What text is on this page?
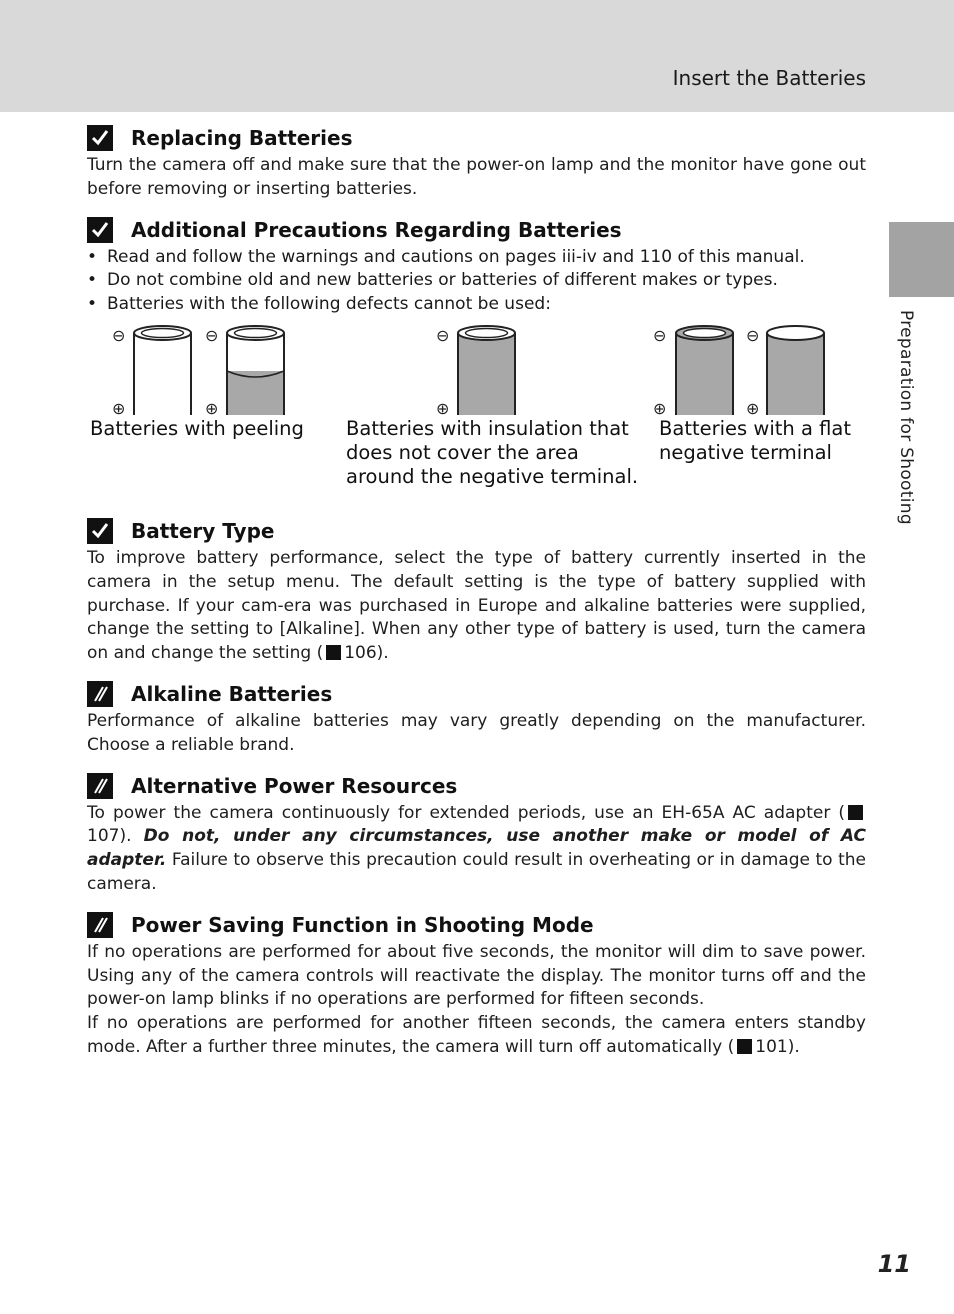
Insert the Batteries
Preparation for Shooting
Replacing Batteries

Turn the camera off and make sure that the power-on lamp and the monitor have gone out before removing or inserting batteries.

Additional Precautions Regarding Batteries
• Read and follow the warnings and cautions on pages iii-iv and 110 of this manual.
• Do not combine old and new batteries or batteries of different makes or types.
• Batteries with the following defects cannot be used:
⊖	⊖	⊖	⊖	⊖
⊕	⊕	⊕	⊕	⊕
Batteries with peeling	Batteries with insulation that does not cover the area around the negative terminal.
Batteries with a flat negative terminal
Battery Type

To improve battery performance, select the type of battery currently inserted in the camera in the setup menu. The default setting is the type of battery supplied with purchase. If your cam-era was purchased in Europe and alkaline batteries were supplied, change the setting to [Alkaline]. When any other type of battery is used, turn the camera on and change the setting ( 106).

Alkaline Batteries

Performance of alkaline batteries may vary greatly depending on the manufacturer. Choose a reliable brand.

Alternative Power Resources

To power the camera continuously for extended periods, use an EH-65A AC adapter (107). Do not, under any circumstances, use another make or model of AC adapter. Failure to observe this precaution could result in overheating or in damage to the camera.

Power Saving Function in Shooting Mode

If no operations are performed for about five seconds, the monitor will dim to save power. Using any of the camera controls will reactivate the display. The monitor turns off and the power-on lamp blinks if no operations are performed for fifteen seconds.

If no operations are performed for another fifteen seconds, the camera enters standby mode. After a further three minutes, the camera will turn off automatically ( 101).

11
